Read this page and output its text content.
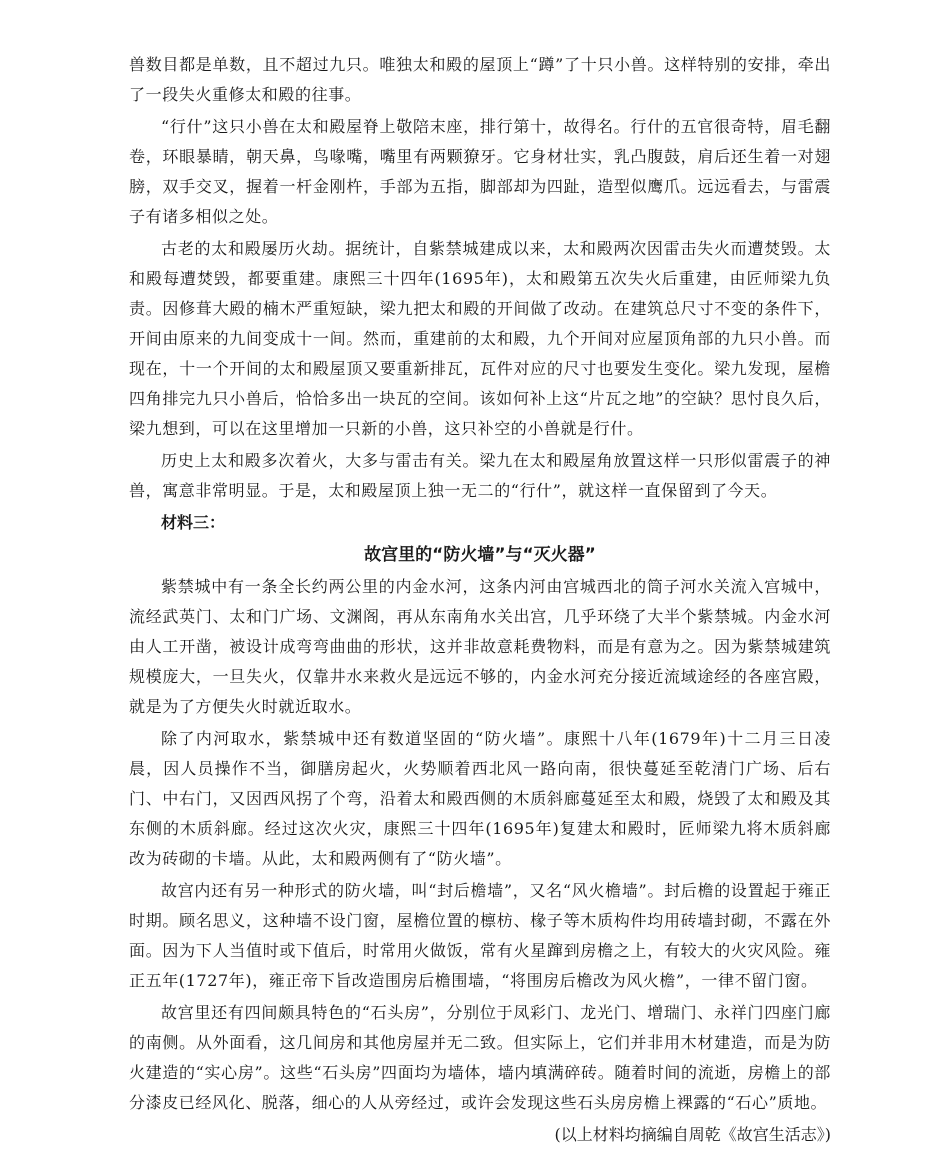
兽数目都是单数，且不超过九只。唯独太和殿的屋顶上“蹲”了十只小兽。这样特别的安排，牵出了一段失火重修太和殿的往事。

“行什”这只小兽在太和殿屋脊上敬陪末座，排行第十，故得名。行什的五官很奇特，眉毛翻卷，环眼暴睛，朝天鼻，鸟喙嘴，嘴里有两颗獠牙。它身材壮实，乳凸腹鼓，肩后还生着一对翅膀，双手交叉，握着一杆金刚杵，手部为五指，脚部却为四趾，造型似鹰爪。远远看去，与雷震子有诸多相似之处。

古老的太和殿屡历火劫。据统计，自紫禁城建成以来，太和殿两次因雷击失火而遭焚毁。太和殿每遭焚毁，都要重建。康熙三十四年(1695年)，太和殿第五次失火后重建，由匠师梁九负责。因修葺大殿的楠木严重短缺，梁九把太和殿的开间做了改动。在建筑总尺寸不变的条件下，开间由原来的九间变成十一间。然而，重建前的太和殿，九个开间对应屋顶角部的九只小兽。而现在，十一个开间的太和殿屋顶又要重新排瓦，瓦件对应的尺寸也要发生变化。梁九发现，屋檐四角排完九只小兽后，恰恰多出一块瓦的空间。该如何补上这“片瓦之地”的空缺？思忖良久后，梁九想到，可以在这里增加一只新的小兽，这只补空的小兽就是行什。

历史上太和殿多次着火，大多与雷击有关。梁九在太和殿屋角放置这样一只形似雷震子的神兽，寓意非常明显。于是，太和殿屋顶上独一无二的“行什”，就这样一直保留到了今天。

材料三：

故宫里的“防火墙”与“灭火器”

紫禁城中有一条全长约两公里的内金水河，这条内河由宫城西北的筒子河水关流入宫城中，流经武英门、太和门广场、文渊阁，再从东南角水关出宫，几乎环绕了大半个紫禁城。内金水河由人工开凿，被设计成弯弯曲曲的形状，这并非故意耗费物料，而是有意为之。因为紫禁城建筑规模庞大，一旦失火，仅靠井水来救火是远远不够的，内金水河充分接近流域途经的各座宫殿，就是为了方便失火时就近取水。

除了内河取水，紫禁城中还有数道坚固的“防火墙”。康熙十八年(1679年)十二月三日凌晨，因人员操作不当，御膳房起火，火势顺着西北风一路向南，很快蔓延至乾清门广场、后右门、中右门，又因西风拐了个弯，沿着太和殿西侧的木质斜廊蔓延至太和殿，烧毁了太和殿及其东侧的木质斜廊。经过这次火灾，康熙三十四年(1695年)复建太和殿时，匠师梁九将木质斜廊改为砖砌的卡墙。从此，太和殿两侧有了“防火墙”。

故宫内还有另一种形式的防火墙，叫“封后檐墙”，又名“风火檐墙”。封后檐的设置起于雍正时期。顾名思义，这种墙不设门窗，屋檐位置的檩枋、椽子等木质构件均用砖墙封砌，不露在外面。因为下人当值时或下值后，时常用火做饭，常有火星蹿到房檐之上，有较大的火灾风险。雍正五年(1727年)，雍正帝下旨改造围房后檐围墙，“将围房后檐改为风火檐”，一律不留门窗。

故宫里还有四间颇具特色的“石头房”，分别位于凤彩门、龙光门、增瑞门、永祥门四座门廊的南侧。从外面看，这几间房和其他房屋并无二致。但实际上，它们并非用木材建造，而是为防火建造的“实心房”。这些“石头房”四面均为墙体，墙内填满碎砖。随着时间的流逝，房檐上的部分漆皮已经风化、脱落，细心的人从旁经过，或许会发现这些石头房房檐上裸露的“石心”质地。

(以上材料均摘编自周乾《故宫生活志》)
